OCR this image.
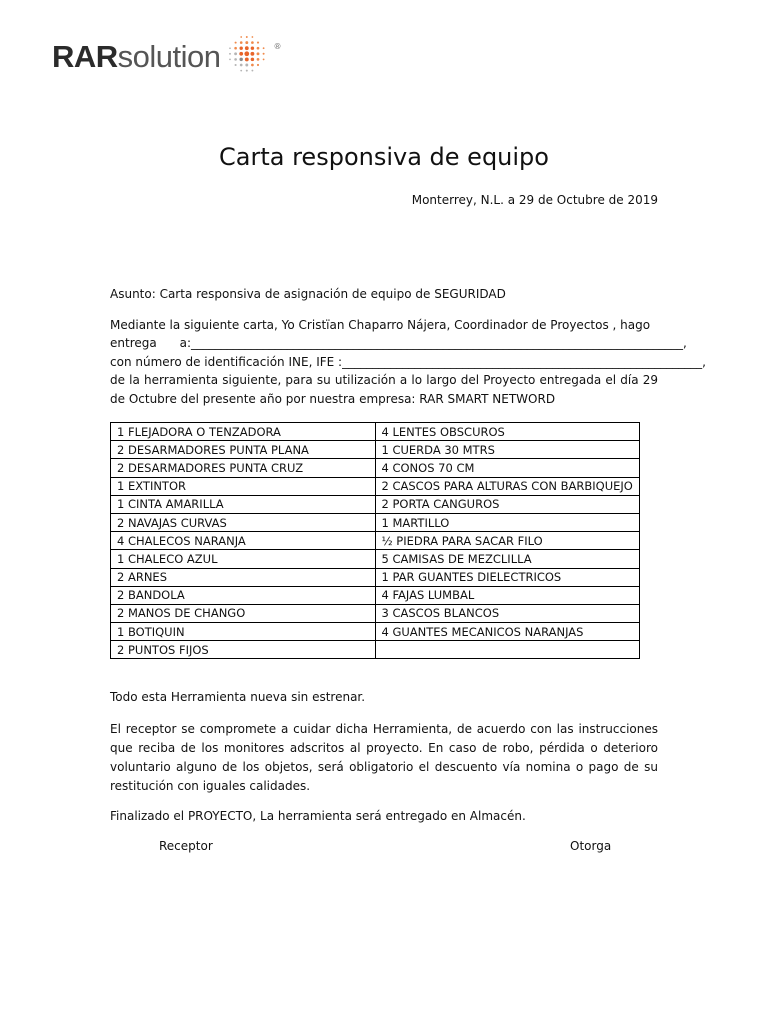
RARsolution	®
Carta responsiva de equipo
Monterrey, N.L. a 29 de Octubre de 2019
Asunto: Carta responsiva de asignación de equipo de SEGURIDAD

Mediante la siguiente carta, Yo Cristïan Chaparro Nájera, Coordinador de Proyectos , hago

entrega      a: __________________________________________________________________________________,
con número de identificación INE, IFE : ____________________________________________________________,

de la herramienta siguiente, para su utilización a lo largo del Proyecto entregada el día 29 de Octubre del presente año por nuestra empresa: RAR SMART NETWORD

1 FLEJADORA O TENZADORA	4 LENTES OBSCUROS
2 DESARMADORES PUNTA PLANA	1 CUERDA 30 MTRS
2 DESARMADORES PUNTA CRUZ	4 CONOS 70 CM
1 EXTINTOR	2 CASCOS PARA ALTURAS CON BARBIQUEJO
1 CINTA AMARILLA	2 PORTA CANGUROS
2 NAVAJAS CURVAS	1 MARTILLO
4 CHALECOS NARANJA	½ PIEDRA PARA SACAR FILO
1 CHALECO AZUL	5 CAMISAS DE MEZCLILLA
2 ARNES	1 PAR GUANTES DIELECTRICOS
2 BANDOLA	4 FAJAS LUMBAL
2 MANOS DE CHANGO	3 CASCOS BLANCOS
1 BOTIQUIN	4 GUANTES MECANICOS NARANJAS
2 PUNTOS FIJOS	
Todo esta Herramienta nueva sin estrenar.
El receptor se compromete a cuidar dicha Herramienta, de acuerdo con las instrucciones que reciba de los monitores adscritos al proyecto. En caso de robo, pérdida o deterioro voluntario alguno de los objetos, será obligatorio el descuento vía nomina o pago de su restitución con iguales calidades.
Finalizado el PROYECTO, La herramienta será entregado en Almacén.
Receptor	Otorga
